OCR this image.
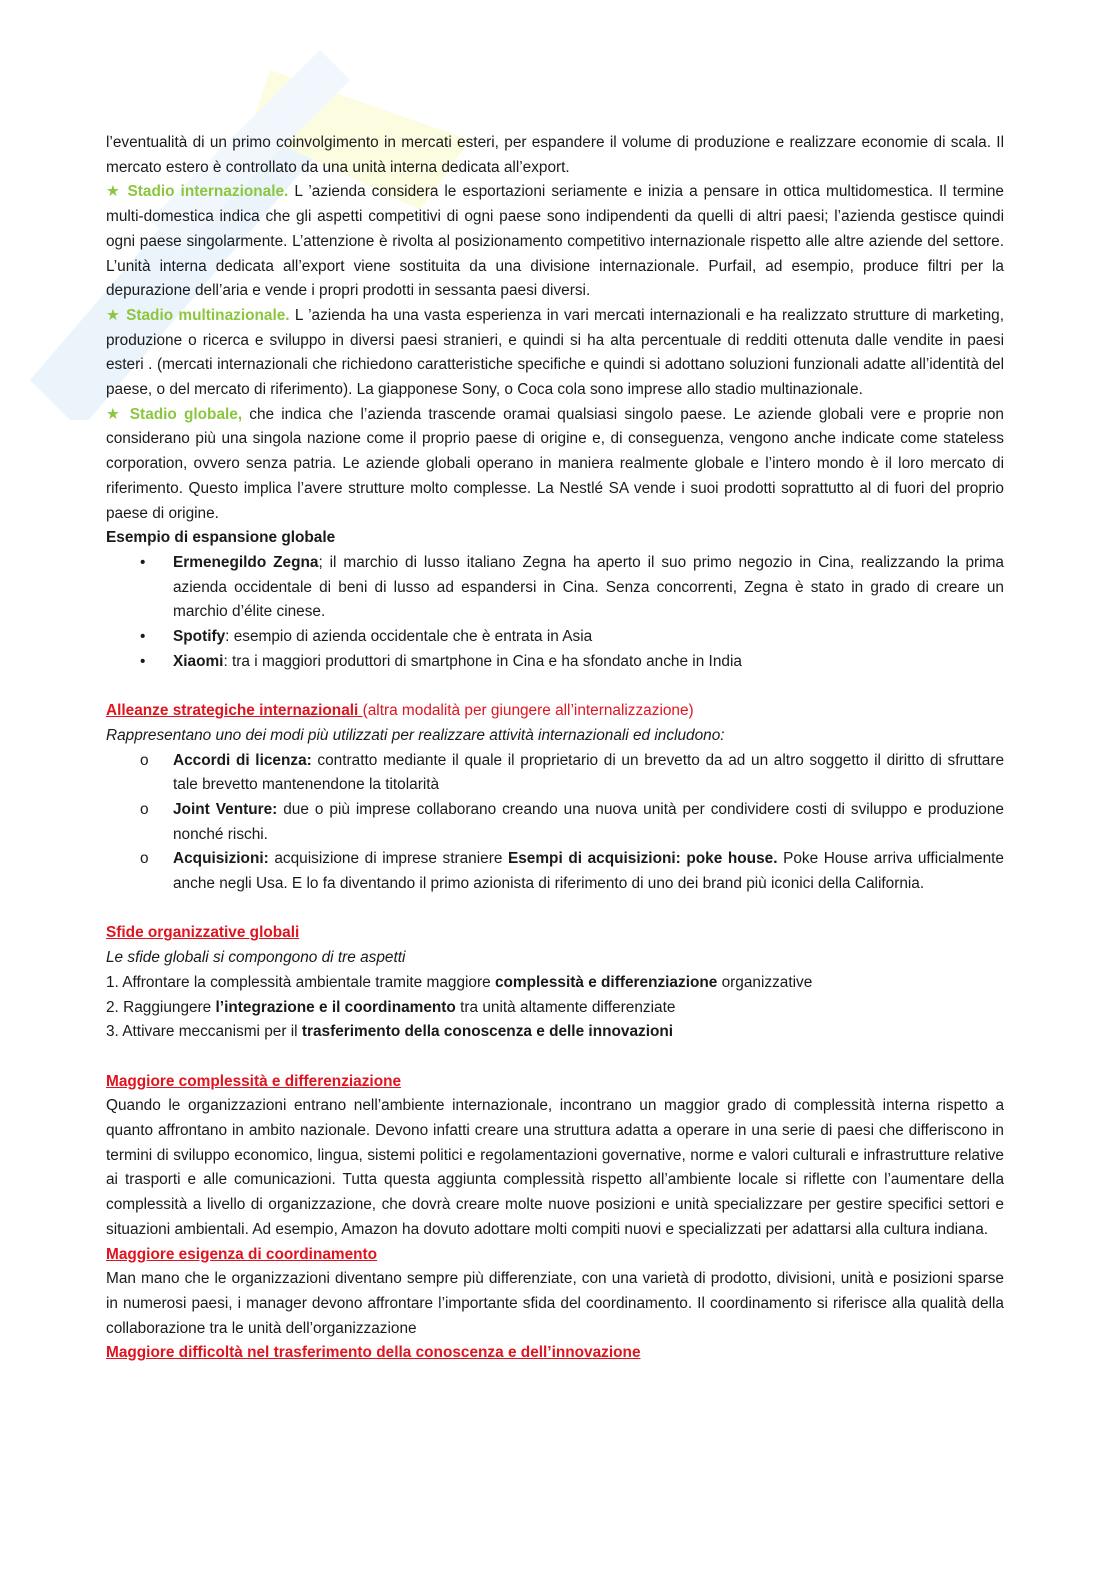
l’eventualità di un primo coinvolgimento in mercati esteri, per espandere il volume di produzione e realizzare economie di scala. Il mercato estero è controllato da una unità interna dedicata all’export.

★ Stadio internazionale. L ’azienda considera le esportazioni seriamente e inizia a pensare in ottica multidomestica. Il termine multi-domestica indica che gli aspetti competitivi di ogni paese sono indipendenti da quelli di altri paesi; l’azienda gestisce quindi ogni paese singolarmente. L’attenzione è rivolta al posizionamento competitivo internazionale rispetto alle altre aziende del settore. L’unità interna dedicata all’export viene sostituita da una divisione internazionale. Purfail, ad esempio, produce filtri per la depurazione dell’aria e vende i propri prodotti in sessanta paesi diversi.

★ Stadio multinazionale. L ’azienda ha una vasta esperienza in vari mercati internazionali e ha realizzato strutture di marketing, produzione o ricerca e sviluppo in diversi paesi stranieri, e quindi si ha alta percentuale di redditi ottenuta dalle vendite in paesi esteri . (mercati internazionali che richiedono caratteristiche specifiche e quindi si adottano soluzioni funzionali adatte all’identità del paese, o del mercato di riferimento). La giapponese Sony, o Coca cola sono imprese allo stadio multinazionale.

★ Stadio globale, che indica che l’azienda trascende oramai qualsiasi singolo paese. Le aziende globali vere e proprie non considerano più una singola nazione come il proprio paese di origine e, di conseguenza, vengono anche indicate come stateless corporation, ovvero senza patria. Le aziende globali operano in maniera realmente globale e l’intero mondo è il loro mercato di riferimento. Questo implica l’avere strutture molto complesse. La Nestlé SA vende i suoi prodotti soprattutto al di fuori del proprio paese di origine.

Esempio di espansione globale

• Ermenegildo Zegna; il marchio di lusso italiano Zegna ha aperto il suo primo negozio in Cina, realizzando la prima azienda occidentale di beni di lusso ad espandersi in Cina. Senza concorrenti, Zegna è stato in grado di creare un marchio d’élite cinese.
• Spotify: esempio di azienda occidentale che è entrata in Asia
• Xiaomi: tra i maggiori produttori di smartphone in Cina e ha sfondato anche in India

Alleanze strategiche internazionali (altra modalità per giungere all’internalizzazione)

Rappresentano uno dei modi più utilizzati per realizzare attività internazionali ed includono:

o Accordi di licenza: contratto mediante il quale il proprietario di un brevetto da ad un altro soggetto il diritto di sfruttare tale brevetto mantenendone la titolarità
o Joint Venture: due o più imprese collaborano creando una nuova unità per condividere costi di sviluppo e produzione nonché rischi.
o Acquisizioni: acquisizione di imprese straniere Esempi di acquisizioni: poke house. Poke House arriva ufficialmente anche negli Usa. E lo fa diventando il primo azionista di riferimento di uno dei brand più iconici della California.

Sfide organizzative globali

Le sfide globali si compongono di tre aspetti

1. Affrontare la complessità ambientale tramite maggiore complessità e differenziazione organizzative

2. Raggiungere l’integrazione e il coordinamento tra unità altamente differenziate

3. Attivare meccanismi per il trasferimento della conoscenza e delle innovazioni

Maggiore complessità e differenziazione

Quando le organizzazioni entrano nell’ambiente internazionale, incontrano un maggior grado di complessità interna rispetto a quanto affrontano in ambito nazionale. Devono infatti creare una struttura adatta a operare in una serie di paesi che differiscono in termini di sviluppo economico, lingua, sistemi politici e regolamentazioni governative, norme e valori culturali e infrastrutture relative ai trasporti e alle comunicazioni. Tutta questa aggiunta complessità rispetto all’ambiente locale si riflette con l’aumentare della complessità a livello di organizzazione, che dovrà creare molte nuove posizioni e unità specializzare per gestire specifici settori e situazioni ambientali. Ad esempio, Amazon ha dovuto adottare molti compiti nuovi e specializzati per adattarsi alla cultura indiana.

Maggiore esigenza di coordinamento

Man mano che le organizzazioni diventano sempre più differenziate, con una varietà di prodotto, divisioni, unità e posizioni sparse in numerosi paesi, i manager devono affrontare l’importante sfida del coordinamento. Il coordinamento si riferisce alla qualità della collaborazione tra le unità dell’organizzazione

Maggiore difficoltà nel trasferimento della conoscenza e dell’innovazione
